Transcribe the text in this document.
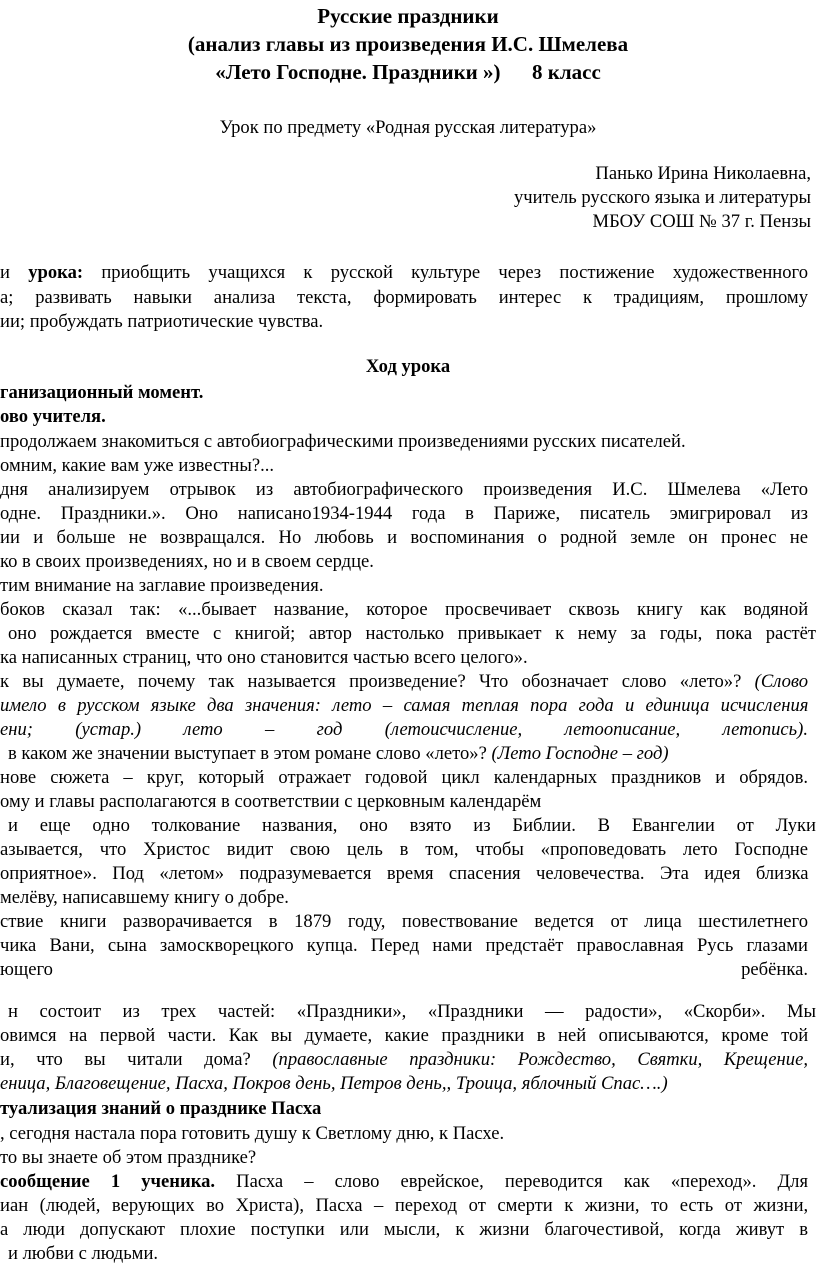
Русские праздники
(анализ главы из произведения И.С. Шмелева
«Лето Господне. Праздники »)      8 класс
Урок по предмету «Родная русская литература»
Панько Ирина Николаевна,
учитель русского языка и литературы
МБОУ СОШ № 37 г. Пензы
и урока: приобщить учащихся к русской культуре через постижение художественного
а; развивать навыки анализа текста, формировать интерес к традициям, прошлому
ии; пробуждать патриотические чувства.
Ход урока
ганизационный момент.
ово учителя.
продолжаем знакомиться с автобиографическими произведениями русских писателей.
омним, какие вам уже известны?...
дня анализируем отрывок из автобиографического произведения И.С. Шмелева «Лето
одне. Праздники.». Оно написано1934-1944 года в Париже, писатель эмигрировал из
ии и больше не возвращался. Но любовь и воспоминания о родной земле он пронес не
ко в своих произведениях, но и в своем сердце.
тим внимание на заглавие произведения.
боков сказал так: «...бывает название, которое просвечивает сквозь книгу как водяной
оно рождается вместе с книгой; автор настолько привыкает к нему за годы, пока растёт
ка написанных страниц, что оно становится частью всего целого».
к вы думаете, почему так называется произведение? Что обозначает слово «лето»? (Слово
имело в русском языке два значения: лето – самая теплая пора года и единица исчисления
ени; (устар.) лето – год (летоисчисление, летоописание, летопись).
в каком же значении выступает в этом романе слово «лето»? (Лето Господне – год)
нове сюжета – круг, который отражает годовой цикл календарных праздников и обрядов.
ому и главы располагаются в соответствии с церковным календарём
и еще одно толкование названия, оно взято из Библии. В Евангелии от Луки
азывается, что Христос видит свою цель в том, чтобы «проповедовать лето Господне
оприятное». Под «летом» подразумевается время спасения человечества. Эта идея близка
мелёву, написавшему книгу о добре.
ствие книги разворачивается в 1879 году, повествование ведется от лица шестилетнего
чика Вани, сына замоскворецкого купца. Перед нами предстаёт православная Русь глазами
ющего	ребёнка.
н состоит из трех частей: «Праздники», «Праздники — радости», «Скорби». Мы
овимся на первой части. Как вы думаете, какие праздники в ней описываются, кроме той
и, что вы читали дома? (православные праздники: Рождество, Святки, Крещение,
еница, Благовещение, Пасха, Покров день, Петров день,, Троица, яблочный Спас….)
туализация знаний о празднике Пасха
, сегодня настала пора готовить душу к Светлому дню, к Пасхе.
то вы знаете об этом празднике?
сообщение 1 ученика. Пасха – слово еврейское, переводится как «переход». Для
иан (людей, верующих во Христа), Пасха – переход от смерти к жизни, то есть от жизни,
а люди допускают плохие поступки или мысли, к жизни благочестивой, когда живут в
и любви с людьми.
